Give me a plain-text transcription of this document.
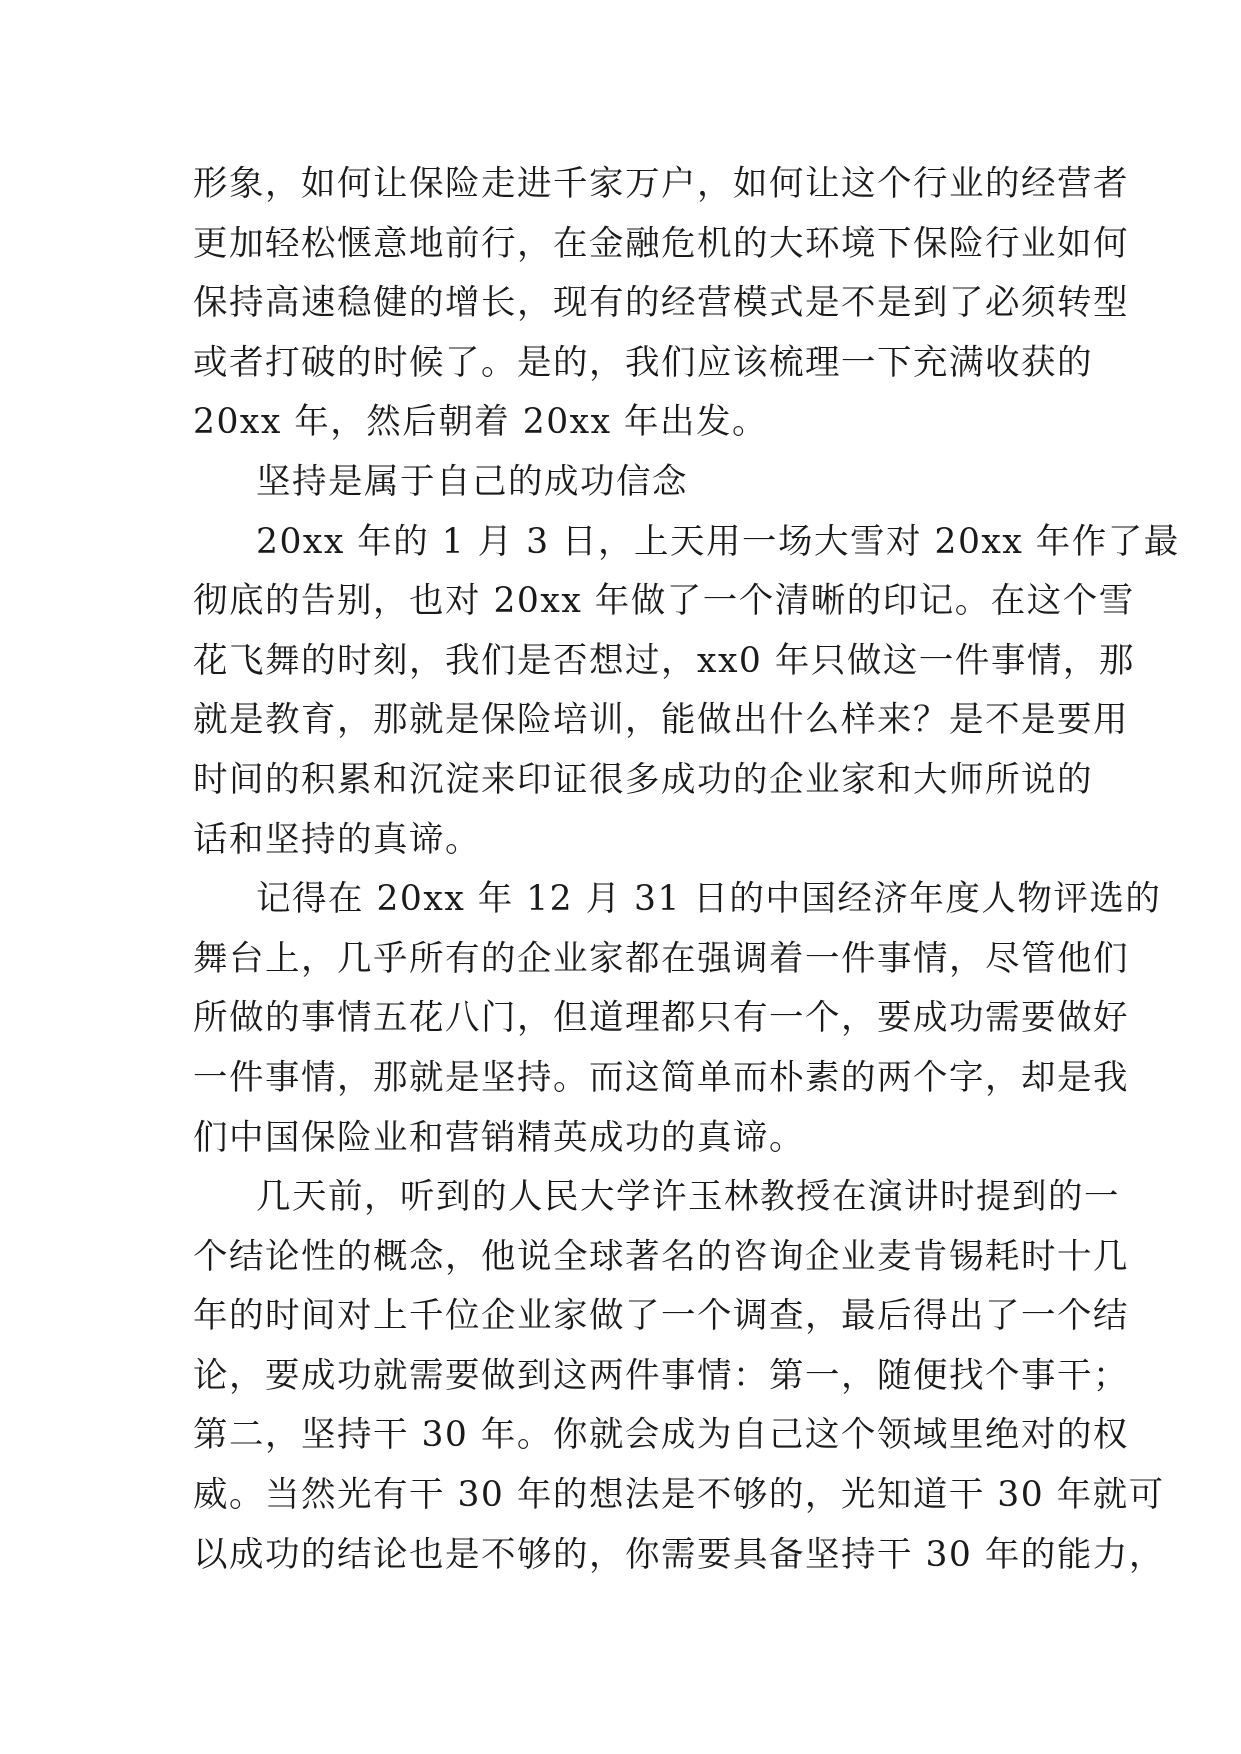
形象，如何让保险走进千家万户，如何让这个行业的经营者
更加轻松惬意地前行，在金融危机的大环境下保险行业如何
保持高速稳健的增长，现有的经营模式是不是到了必须转型
或者打破的时候了。是的，我们应该梳理一下充满收获的
20xx 年，然后朝着 20xx 年出发。
坚持是属于自己的成功信念
20xx 年的 1 月 3 日，上天用一场大雪对 20xx 年作了最
彻底的告别，也对 20xx 年做了一个清晰的印记。在这个雪
花飞舞的时刻，我们是否想过，xx0 年只做这一件事情，那
就是教育，那就是保险培训，能做出什么样来？是不是要用
时间的积累和沉淀来印证很多成功的企业家和大师所说的
话和坚持的真谛。
记得在 20xx 年 12 月 31 日的中国经济年度人物评选的
舞台上，几乎所有的企业家都在强调着一件事情，尽管他们
所做的事情五花八门，但道理都只有一个，要成功需要做好
一件事情，那就是坚持。而这简单而朴素的两个字，却是我
们中国保险业和营销精英成功的真谛。
几天前，听到的人民大学许玉林教授在演讲时提到的一
个结论性的概念，他说全球著名的咨询企业麦肯锡耗时十几
年的时间对上千位企业家做了一个调查，最后得出了一个结
论，要成功就需要做到这两件事情：第一，随便找个事干；
第二，坚持干 30 年。你就会成为自己这个领域里绝对的权
威。当然光有干 30 年的想法是不够的，光知道干 30 年就可
以成功的结论也是不够的，你需要具备坚持干 30 年的能力，
